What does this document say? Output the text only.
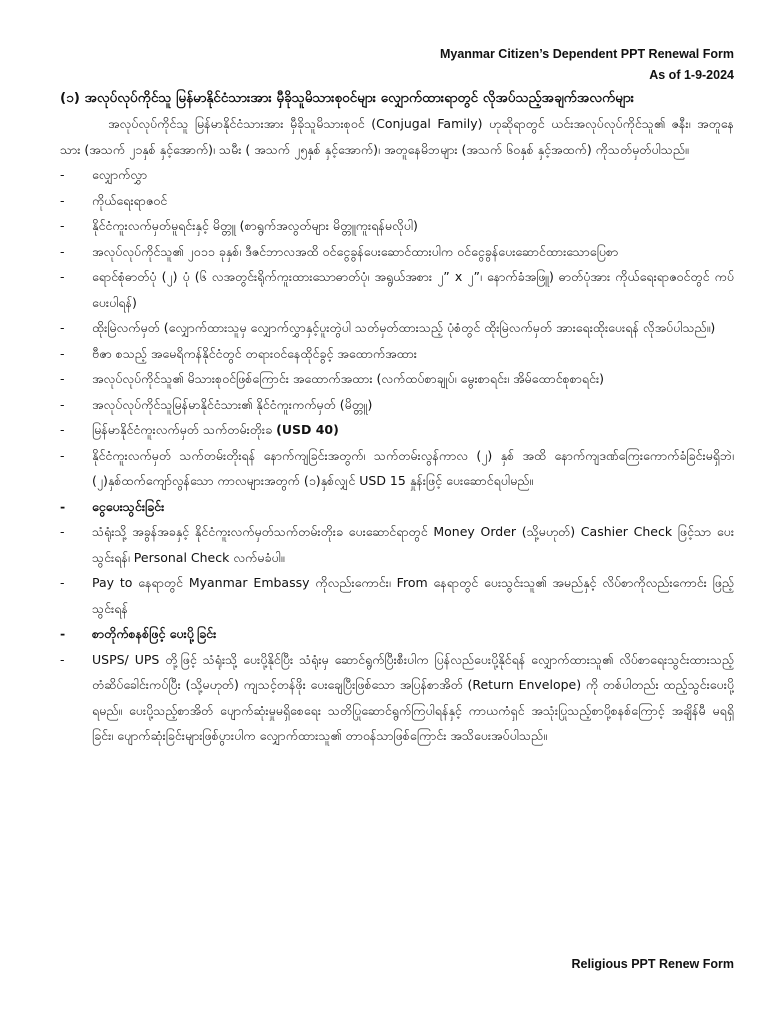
Myanmar Citizen’s Dependent PPT Renewal Form
As of 1-9-2024
(၁) အလုပ်လုပ်ကိုင်သူ မြန်မာနိုင်ငံသားအား မှီခိုသူမိသားစုဝင်များ လျှောက်ထားရာတွင် လိုအပ်သည့်အချက်အလက်များ
အလုပ်လုပ်ကိုင်သူ မြန်မာနိုင်ငံသားအား မှီခိုသူမိသားစုဝင် (Conjugal Family) ဟုဆိုရာတွင် ယင်းအလုပ်လုပ်ကိုင်သူ၏ ဇနီး၊ အတူနေသား (အသက် ၂၁နှစ် နှင့်အောက်)၊ သမီး ( အသက် ၂၅နှစ် နှင့်အောက်)၊ အတူနေမိဘများ (အသက် ၆၀နှစ် နှင့်အထက်) ကိုသတ်မှတ်ပါသည်။
- လျှောက်လွှာ
- ကိုယ်ရေးရာဇဝင်
- နိုင်ငံကူးလက်မှတ်မူရင်းနှင့် မိတ္တူ (စာရွက်အလွတ်များ မိတ္တူကူးရန်မလိုပါ)
- အလုပ်လုပ်ကိုင်သူ၏ ၂၀၁၁ ခုနှစ်၊ ဒီဇင်ဘာလအထိ ဝင်ငွေခွန်ပေးဆောင်ထားပါက ဝင်ငွေခွန်ပေးဆောင်ထားသောပြေစာ
- ရောင်စုံဓာတ်ပုံ (၂) ပုံ (၆ လအတွင်းရိုက်ကူးထားသောဓာတ်ပုံ၊ အရွယ်အစား ၂” x ၂”၊ နောက်ခံအဖြူ) ဓာတ်ပုံအား ကိုယ်ရေးရာဇဝင်တွင် ကပ်ပေးပါရန်)
- ထိုးမြဲလက်မှတ် (လျှောက်ထားသူမှ လျှောက်လွှာနှင့်ပူးတွဲပါ သတ်မှတ်ထားသည့် ပုံစံတွင် ထိုးမြဲလက်မှတ် အားရေးထိုးပေးရန် လိုအပ်ပါသည်။)
- ဗီဇာ စသည့် အမေရိကန်နိုင်ငံတွင် တရားဝင်နေထိုင်ခွင့် အထောက်အထား
- အလုပ်လုပ်ကိုင်သူ၏ မိသားစုဝင်ဖြစ်ကြောင်း အထောက်အထား (လက်ထပ်စာချုပ်၊ မွေးစာရင်း၊ အိမ်ထောင်စုစာရင်း)
- အလုပ်လုပ်ကိုင်သူမြန်မာနိုင်ငံသား၏ နိုင်ငံကူးကက်မှတ် (မိတ္တူ)
- မြန်မာနိုင်ငံကူးလက်မှတ် သက်တမ်းတိုးခ (USD 40)
- နိုင်ငံကူးလက်မှတ် သက်တမ်းတိုးရန် နောက်ကျခြင်းအတွက်၊ သက်တမ်းလွန်ကာလ (၂) နှစ် အထိ နောက်ကျဒဏ်ကြေးကောက်ခံခြင်းမရှိဘဲ၊ (၂)နှစ်ထက်ကျော်လွန်သော ကာလများအတွက် (၁)နှစ်လျှင် USD 15 နှုန်းဖြင့် ပေးဆောင်ရပါမည်။
- ငွေပေးသွင်းခြင်း
- သံရုံးသို့ အခွန်အခနှင့် နိုင်ငံကူးလက်မှတ်သက်တမ်းတိုးခ ပေးဆောင်ရာတွင် Money Order (သို့မဟုတ်) Cashier Check ဖြင့်သာ ပေးသွင်းရန်၊ Personal Check လက်မခံပါ။
- Pay to နေရာတွင် Myanmar Embassy ကိုလည်းကောင်း၊ From နေရာတွင် ပေးသွင်းသူ၏ အမည်နှင့် လိပ်စာကိုလည်းကောင်း ဖြည့်သွင်းရန်
- စာတိုက်စနစ်ဖြင့် ပေးပို့ခြင်း
- USPS/ UPS တို့ဖြင့် သံရုံးသို့ ပေးပို့နိုင်ပြီး သံရုံးမှ ဆောင်ရွက်ပြီးစီးပါက ပြန်လည်ပေးပို့နိုင်ရန် လျှောက်ထားသူ၏ လိပ်စာရေးသွင်းထားသည့် တံဆိပ်ခေါင်းကပ်ပြီး (သို့မဟုတ်) ကျသင့်တန်ဖိုး ပေးချေပြီးဖြစ်သော အပြန်စာအိတ် (Return Envelope) ကို တစ်ပါတည်း ထည့်သွင်းပေးပို့ရမည်။ ပေးပို့သည့်စာအိတ် ပျောက်ဆုံးမှုမရှိစေရေး သတိပြုဆောင်ရွက်ကြပါရန်နှင့် ကာယကံရှင် အသုံးပြုသည့်စာပို့စနစ်ကြောင့် အချိန်မီ မရရှိခြင်း၊ ပျောက်ဆုံးခြင်းများဖြစ်ပွားပါက လျှောက်ထားသူ၏ တာဝန်သာဖြစ်ကြောင်း အသိပေးအပ်ပါသည်။
Religious PPT Renew Form
